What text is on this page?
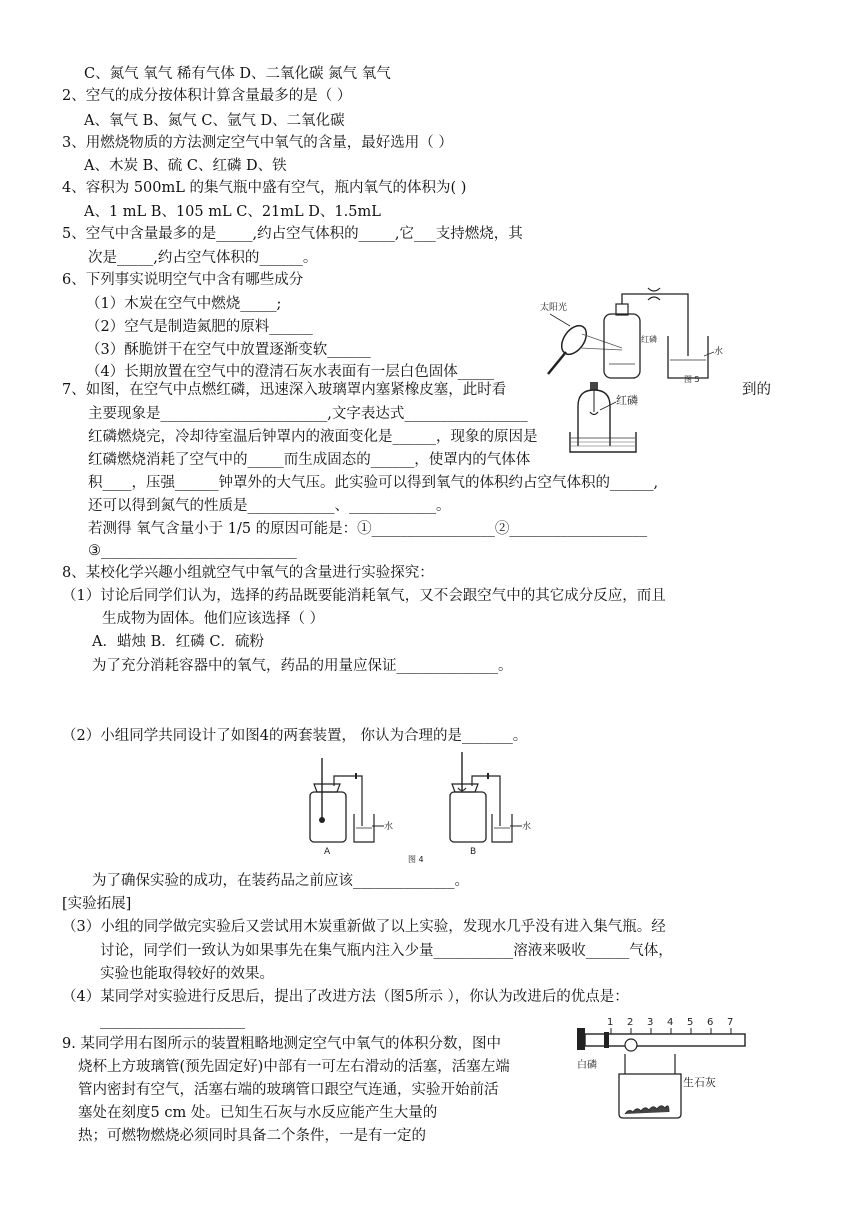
C、氮气 氧气 稀有气体 D、二氧化碳 氮气 氧气
2、空气的成分按体积计算含量最多的是（ ）
A、氧气 B、氮气 C、氩气 D、二氧化碳
3、用燃烧物质的方法测定空气中氧气的含量，最好选用（ ）
A、木炭 B、硫 C、红磷 D、铁
4、容积为 500mL 的集气瓶中盛有空气，瓶内氧气的体积为( )
A、1 mL B、105 mL C、21mL D、1.5mL
5、空气中含量最多的是_____,约占空气体积的_____,它___支持燃烧，其
次是_____,约占空气体积的______。
6、下列事实说明空气中含有哪些成分
（1）木炭在空气中燃烧_____;
（2）空气是制造氮肥的原料______
（3）酥脆饼干在空气中放置逐渐变软______
（4）长期放置在空气中的澄清石灰水表面有一层白色固体_____
7、如图，在空气中点燃红磷，迅速深入玻璃罩内塞紧橡皮塞，此时看	到的
主要现象是_______________________,文字表达式_________________
红磷燃烧完，冷却待室温后钟罩内的液面变化是______，现象的原因是
红磷燃烧消耗了空气中的_____而生成固态的______，使罩内的气体体
积____，压强______钟罩外的大气压。此实验可以得到氧气的体积约占空气体积的______,
还可以得到氮气的性质是____________、____________。
若测得 氧气含量小于 1/5 的原因可能是：①_________________②___________________
③___________________________
8、某校化学兴趣小组就空气中氧气的含量进行实验探究：
（1）讨论后同学们认为，选择的药品既要能消耗氧气，又不会跟空气中的其它成分反应，而且
生成物为固体。他们应该选择（ ）
A．蜡烛 B．红磷 C．硫粉
为了充分消耗容器中的氧气，药品的用量应保证______________。
（2）小组同学共同设计了如图4的两套装置， 你认为合理的是_______。
为了确保实验的成功，在装药品之前应该______________。
[实验拓展]
（3）小组的同学做完实验后又尝试用木炭重新做了以上实验，发现水几乎没有进入集气瓶。经
讨论，同学们一致认为如果事先在集气瓶内注入少量___________溶液来吸收______气体，
实验也能取得较好的效果。
（4）某同学对实验进行反思后，提出了改进方法（图5所示 ），你认为改进后的优点是：
____________________
9. 某同学用右图所示的装置粗略地测定空气中氧气的体积分数，图中
烧杯上方玻璃管(预先固定好)中部有一可左右滑动的活塞，活塞左端
管内密封有空气，活塞右端的玻璃管口跟空气连通，实验开始前活
塞处在刻度5 cm 处。已知生石灰与水反应能产生大量的
热；可燃物燃烧必须同时具备二个条件，一是有一定的
太阳光
红磷
水
图 5
红磷
水
A
水
B
图 4
1 2 3 4 5 6 7
白磷
生石灰
